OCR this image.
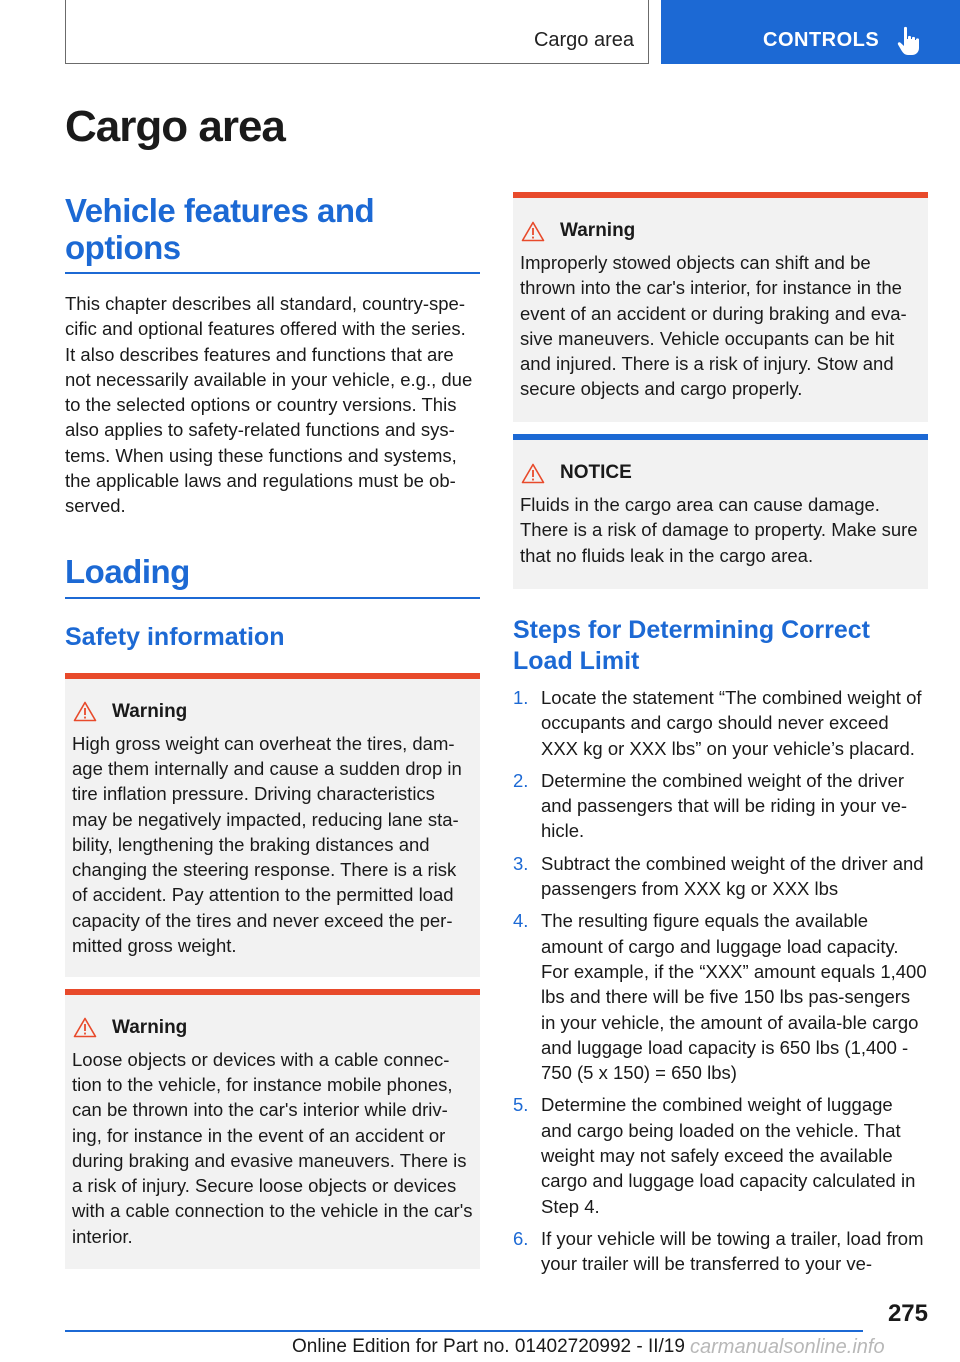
Cargo area	CONTROLS
Cargo area
Vehicle features and options

This chapter describes all standard, country-spe-cific and optional features offered with the series. It also describes features and functions that are not necessarily available in your vehicle, e.g., due to the selected options or country versions. This also applies to safety-related functions and sys-tems. When using these functions and systems, the applicable laws and regulations must be ob-served.

Loading
Safety information
Warning

High gross weight can overheat the tires, dam-age them internally and cause a sudden drop in tire inflation pressure. Driving characteristics may be negatively impacted, reducing lane sta-bility, lengthening the braking distances and changing the steering response. There is a risk of accident. Pay attention to the permitted load capacity of the tires and never exceed the per-mitted gross weight.

Warning

Loose objects or devices with a cable connec-tion to the vehicle, for instance mobile phones, can be thrown into the car's interior while driv-ing, for instance in the event of an accident or during braking and evasive maneuvers. There is a risk of injury. Secure loose objects or devices with a cable connection to the vehicle in the car's interior.

Warning

Improperly stowed objects can shift and be thrown into the car's interior, for instance in the event of an accident or during braking and eva-sive maneuvers. Vehicle occupants can be hit and injured. There is a risk of injury. Stow and secure objects and cargo properly.

NOTICE

Fluids in the cargo area can cause damage. There is a risk of damage to property. Make sure that no fluids leak in the cargo area.

Steps for Determining Correct Load Limit
1. Locate the statement “The combined weight of occupants and cargo should never exceed XXX kg or XXX lbs” on your vehicle’s placard.
2. Determine the combined weight of the driver and passengers that will be riding in your ve-hicle.
3. Subtract the combined weight of the driver and passengers from XXX kg or XXX lbs
4. The resulting figure equals the available amount of cargo and luggage load capacity. For example, if the “XXX” amount equals 1,400 lbs and there will be five 150 lbs pas-sengers in your vehicle, the amount of availa-ble cargo and luggage load capacity is 650 lbs (1,400 - 750 (5 x 150) = 650 lbs)
5. Determine the combined weight of luggage and cargo being loaded on the vehicle. That weight may not safely exceed the available cargo and luggage load capacity calculated in Step 4.
6. If your vehicle will be towing a trailer, load from your trailer will be transferred to your ve-
275
Online Edition for Part no. 01402720992 - II/19 carmanualsonline.info
